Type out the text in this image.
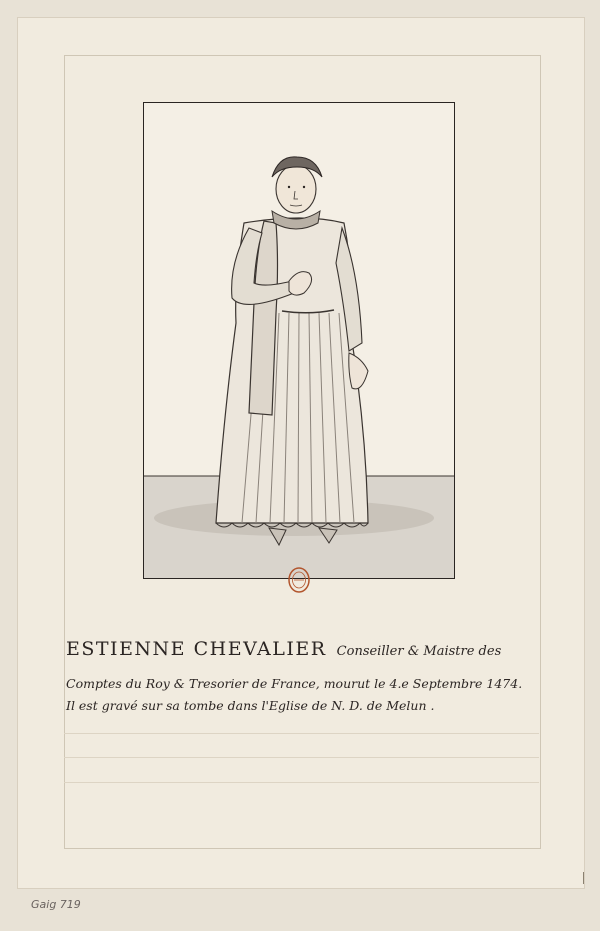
ESTIENNE CHEVALIER Conseiller & Maistre des
Comptes du Roy & Tresorier de France, mourut le 4.e Septembre 1474.
Il est gravé sur sa tombe dans l'Eglise de N. D. de Melun .
Gaig 719
